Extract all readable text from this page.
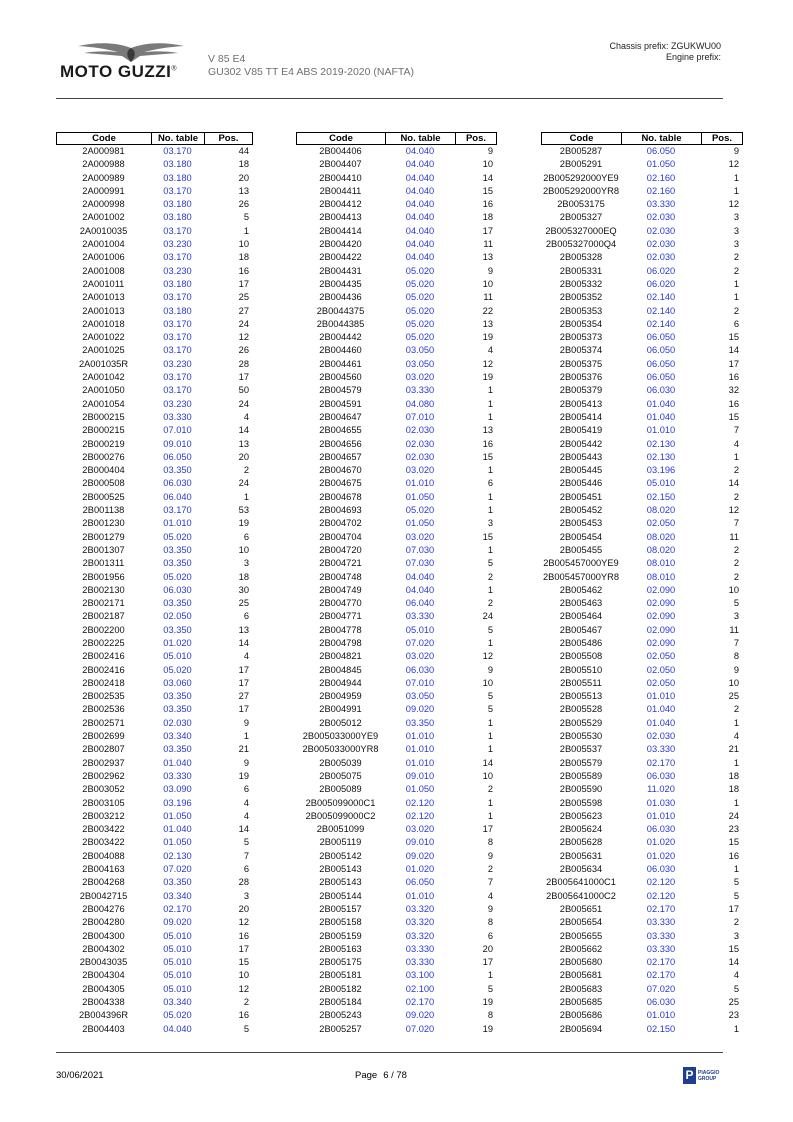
MOTO GUZZI®
V 85 E4
GU302 V85 TT E4 ABS 2019-2020 (NAFTA)
Chassis prefix: ZGUKWU00
Engine prefix:
Code	No. table	Pos.
2A000981	03.170	44
2A000988	03.180	18
2A000989	03.180	20
2A000991	03.170	13
2A000998	03.180	26
2A001002	03.180	5
2A0010035	03.170	1
2A001004	03.230	10
2A001006	03.170	18
2A001008	03.230	16
2A001011	03.180	17
2A001013	03.170	25
2A001013	03.180	27
2A001018	03.170	24
2A001022	03.170	12
2A001025	03.170	26
2A001035R	03.230	28
2A001042	03.170	17
2A001050	03.170	50
2A001054	03.230	24
2B000215	03.330	4
2B000215	07.010	14
2B000219	09.010	13
2B000276	06.050	20
2B000404	03.350	2
2B000508	06.030	24
2B000525	06.040	1
2B001138	03.170	53
2B001230	01.010	19
2B001279	05.020	6
2B001307	03.350	10
2B001311	03.350	3
2B001956	05.020	18
2B002130	06.030	30
2B002171	03.350	25
2B002187	02.050	6
2B002200	03.350	13
2B002225	01.020	14
2B002416	05.010	4
2B002416	05.020	17
2B002418	03.060	17
2B002535	03.350	27
2B002536	03.350	17
2B002571	02.030	9
2B002699	03.340	1
2B002807	03.350	21
2B002937	01.040	9
2B002962	03.330	19
2B003052	03.090	6
2B003105	03.196	4
2B003212	01.050	4
2B003422	01.040	14
2B003422	01.050	5
2B004088	02.130	7
2B004163	07.020	6
2B004268	03.350	28
2B0042715	03.340	3
2B004276	02.170	20
2B004280	09.020	12
2B004300	05.010	16
2B004302	05.010	17
2B0043035	05.010	15
2B004304	05.010	10
2B004305	05.010	12
2B004338	03.340	2
2B004396R	05.020	16
2B004403	04.040	5
Code	No. table	Pos.
2B004406	04.040	9
2B004407	04.040	10
2B004410	04.040	14
2B004411	04.040	15
2B004412	04.040	16
2B004413	04.040	18
2B004414	04.040	17
2B004420	04.040	11
2B004422	04.040	13
2B004431	05.020	9
2B004435	05.020	10
2B004436	05.020	11
2B0044375	05.020	22
2B0044385	05.020	13
2B004442	05.020	19
2B004460	03.050	4
2B004461	03.050	12
2B004560	03.020	19
2B004579	03.330	1
2B004591	04.080	1
2B004647	07.010	1
2B004655	02.030	13
2B004656	02.030	16
2B004657	02.030	15
2B004670	03.020	1
2B004675	01.010	6
2B004678	01.050	1
2B004693	05.020	1
2B004702	01.050	3
2B004704	03.020	15
2B004720	07.030	1
2B004721	07.030	5
2B004748	04.040	2
2B004749	04.040	1
2B004770	06.040	2
2B004771	03.330	24
2B004778	05.010	5
2B004798	07.020	1
2B004821	03.020	12
2B004845	06.030	9
2B004944	07.010	10
2B004959	03.050	5
2B004991	09.020	5
2B005012	03.350	1
2B005033000YE9	01.010	1
2B005033000YR8	01.010	1
2B005039	01.010	14
2B005075	09.010	10
2B005089	01.050	2
2B005099000C1	02.120	1
2B005099000C2	02.120	1
2B0051099	03.020	17
2B005119	09.010	8
2B005142	09.020	9
2B005143	01.020	2
2B005143	06.050	7
2B005144	01.010	4
2B005157	03.320	9
2B005158	03.320	8
2B005159	03.320	6
2B005163	03.330	20
2B005175	03.330	17
2B005181	03.100	1
2B005182	02.100	5
2B005184	02.170	19
2B005243	09.020	8
2B005257	07.020	19
Code	No. table	Pos.
2B005287	06.050	9
2B005291	01.050	12
2B005292000YE9	02.160	1
2B005292000YR8	02.160	1
2B0053175	03.330	12
2B005327	02.030	3
2B005327000EQ	02.030	3
2B005327000Q4	02.030	3
2B005328	02.030	2
2B005331	06.020	2
2B005332	06.020	1
2B005352	02.140	1
2B005353	02.140	2
2B005354	02.140	6
2B005373	06.050	15
2B005374	06.050	14
2B005375	06.050	17
2B005376	06.050	16
2B005379	06.030	32
2B005413	01.040	16
2B005414	01.040	15
2B005419	01.010	7
2B005442	02.130	4
2B005443	02.130	1
2B005445	03.196	2
2B005446	05.010	14
2B005451	02.150	2
2B005452	08.020	12
2B005453	02.050	7
2B005454	08.020	11
2B005455	08.020	2
2B005457000YE9	08.010	2
2B005457000YR8	08.010	2
2B005462	02.090	10
2B005463	02.090	5
2B005464	02.090	3
2B005467	02.090	11
2B005486	02.090	7
2B005508	02.050	8
2B005510	02.050	9
2B005511	02.050	10
2B005513	01.010	25
2B005528	01.040	2
2B005529	01.040	1
2B005530	02.030	4
2B005537	03.330	21
2B005579	02.170	1
2B005589	06.030	18
2B005590	11.020	18
2B005598	01.030	1
2B005623	01.010	24
2B005624	06.030	23
2B005628	01.020	15
2B005631	01.020	16
2B005634	06.030	1
2B005641000C1	02.120	5
2B005641000C2	02.120	5
2B005651	02.170	17
2B005654	03.330	2
2B005655	03.330	3
2B005662	03.330	15
2B005680	02.170	14
2B005681	02.170	4
2B005683	07.020	5
2B005685	06.030	25
2B005686	01.010	23
2B005694	02.150	1
30/06/2021	Page 6 / 78	P PIAGGIO
GROUP
